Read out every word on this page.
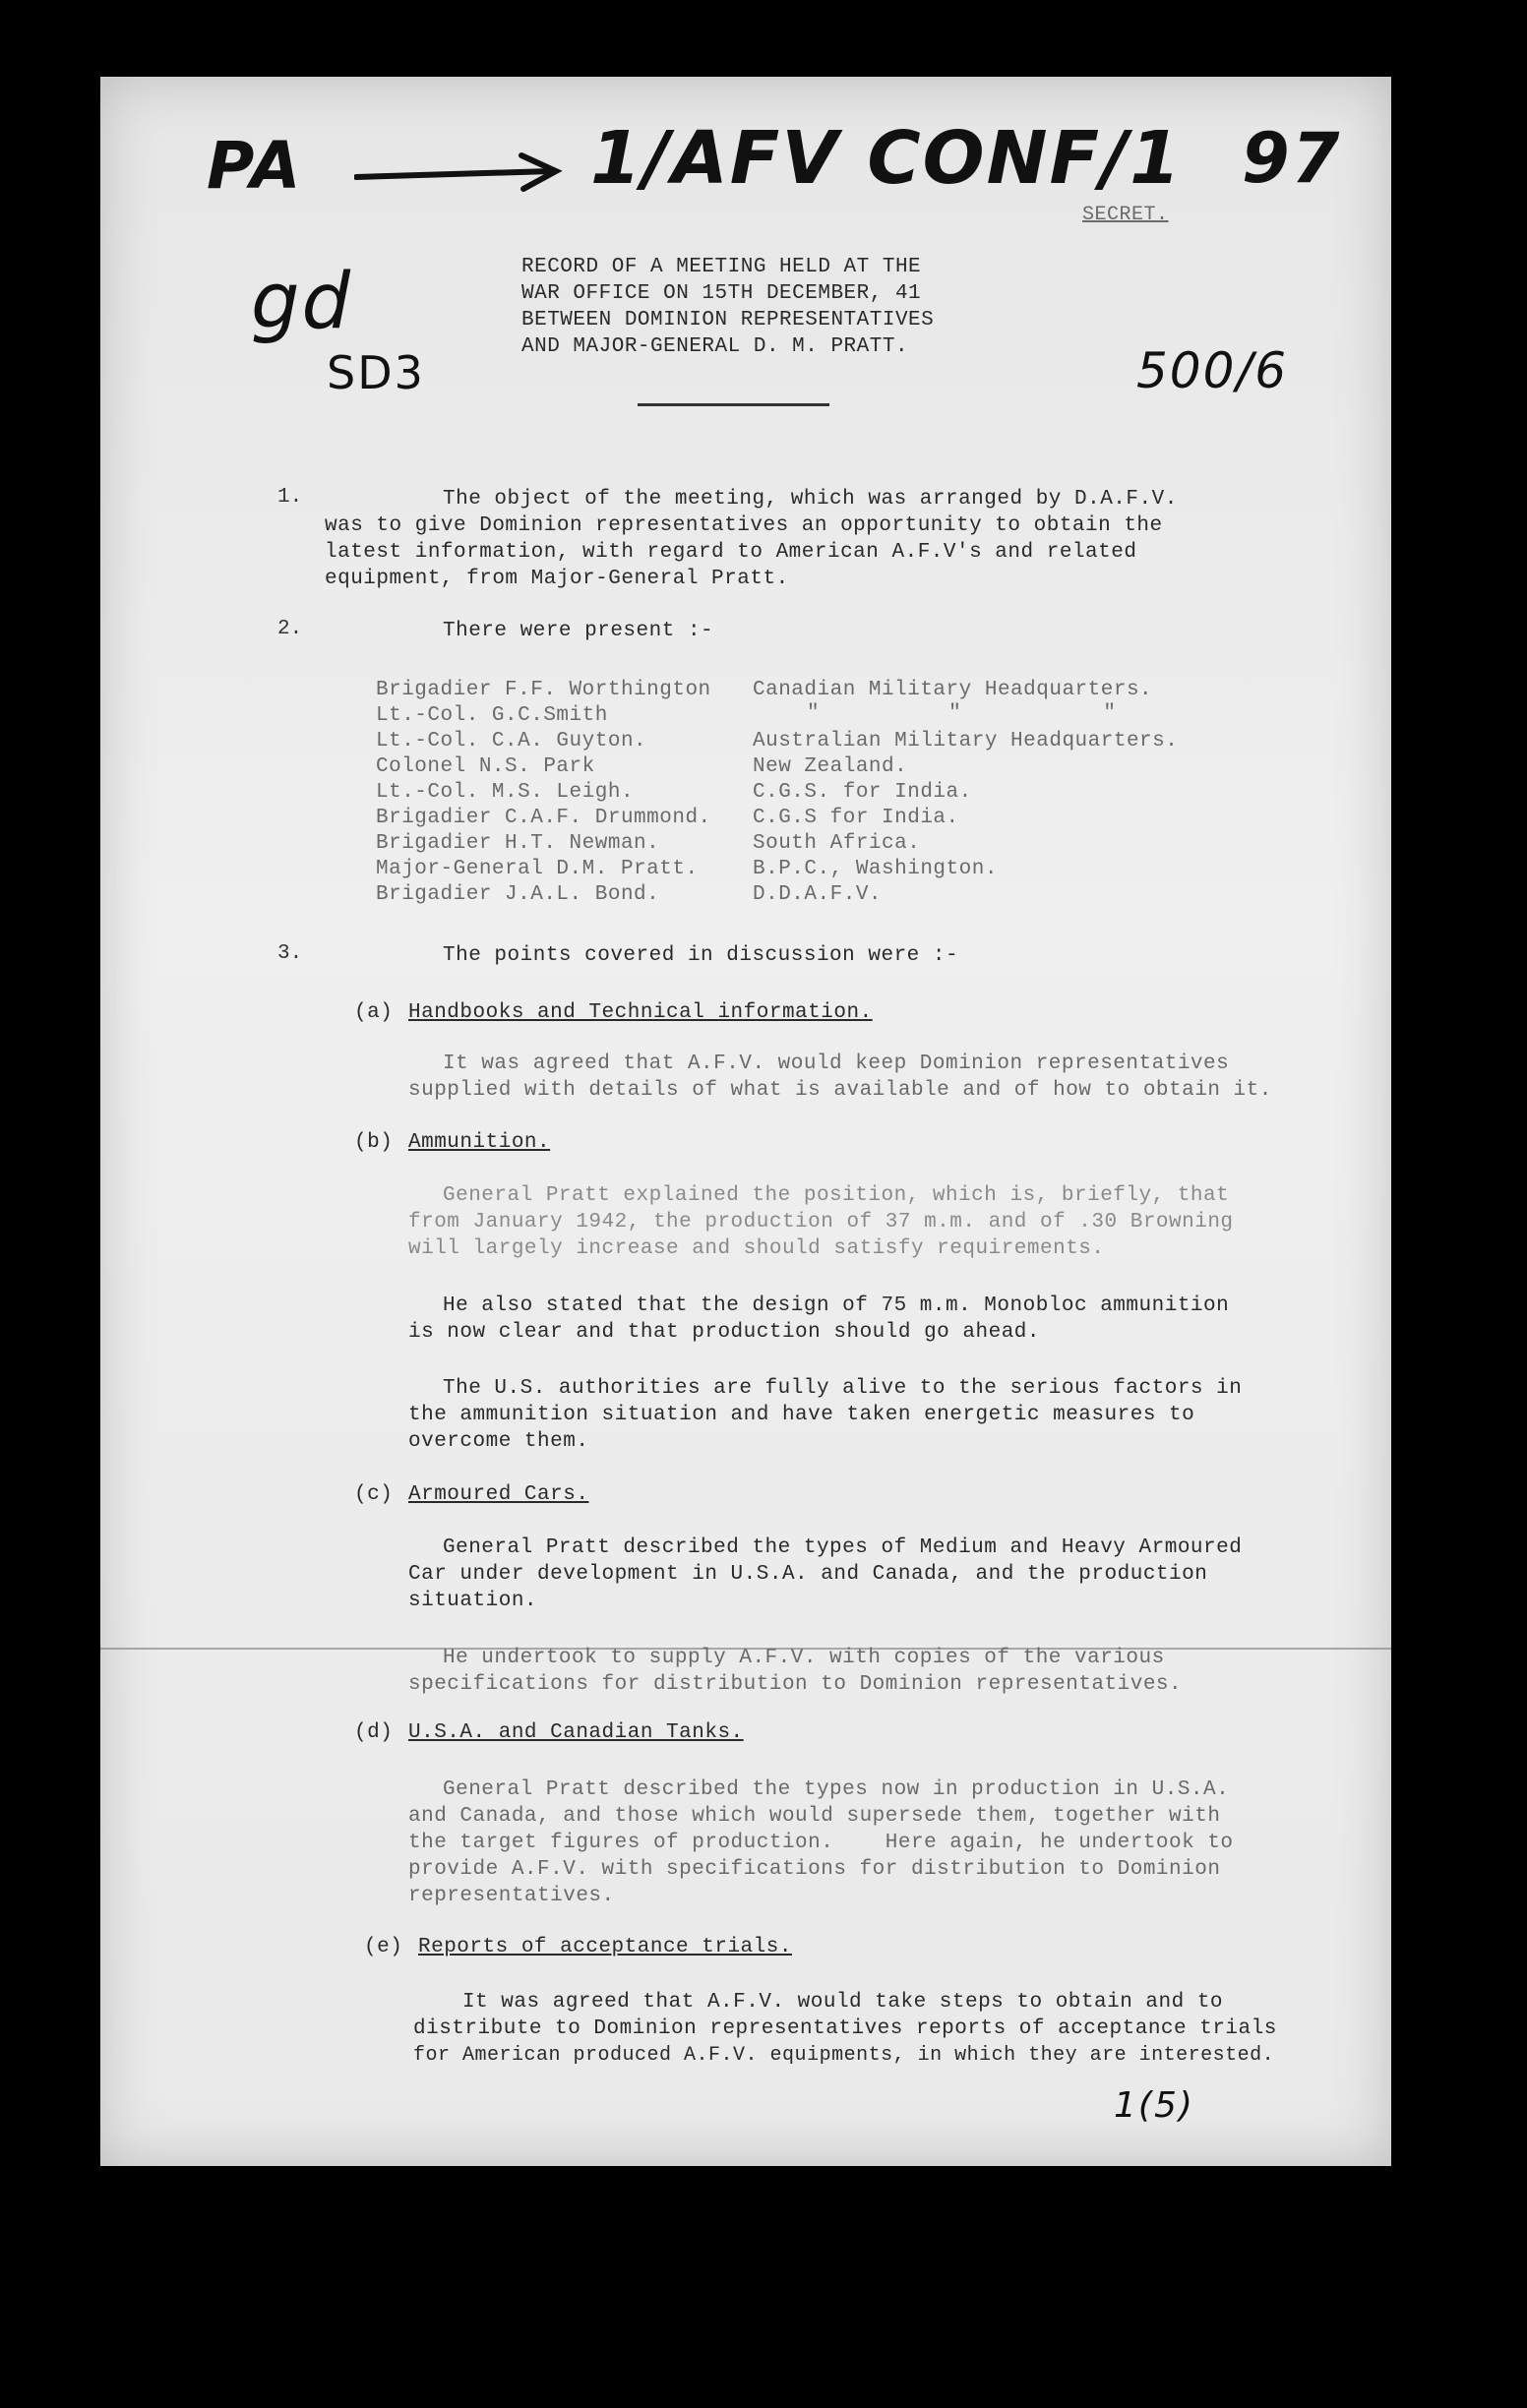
PA	1/AFV CONF/1 97
gd
SD3	500/6
1(5)
SECRET.
RECORD OF A MEETING HELD AT THE
WAR OFFICE ON 15TH DECEMBER, 41
BETWEEN DOMINION REPRESENTATIVES
AND MAJOR-GENERAL D. M. PRATT.
1.	The object of the meeting, which was arranged by D.A.F.V.
was to give Dominion representatives an opportunity to obtain the
latest information, with regard to American A.F.V's and related
equipment, from Major-General Pratt.
2.	There were present :-
Brigadier F.F. Worthington Canadian Military Headquarters.
Lt.-Col. G.C.Smith	"          "           "
Lt.-Col. C.A. Guyton.	Australian Military Headquarters.
Colonel N.S. Park	New Zealand.
Lt.-Col. M.S. Leigh.	C.G.S. for India.
Brigadier C.A.F. Drummond. C.G.S for India.
Brigadier H.T. Newman.	South Africa.
Major-General D.M. Pratt.	B.P.C., Washington.
Brigadier J.A.L. Bond.	D.D.A.F.V.
3.	The points covered in discussion were :-
(a) Handbooks and Technical information.
It was agreed that A.F.V. would keep Dominion representatives
supplied with details of what is available and of how to obtain it.
(b) Ammunition.
General Pratt explained the position, which is, briefly, that
from January 1942, the production of 37 m.m. and of .30 Browning
will largely increase and should satisfy requirements.
He also stated that the design of 75 m.m. Monobloc ammunition
is now clear and that production should go ahead.
The U.S. authorities are fully alive to the serious factors in
the ammunition situation and have taken energetic measures to
overcome them.
(c) Armoured Cars.
General Pratt described the types of Medium and Heavy Armoured
Car under development in U.S.A. and Canada, and the production
situation.
He undertook to supply A.F.V. with copies of the various
specifications for distribution to Dominion representatives.
(d) U.S.A. and Canadian Tanks.
General Pratt described the types now in production in U.S.A.
and Canada, and those which would supersede them, together with
the target figures of production.    Here again, he undertook to
provide A.F.V. with specifications for distribution to Dominion
representatives.
(e) Reports of acceptance trials.
It was agreed that A.F.V. would take steps to obtain and to
distribute to Dominion representatives reports of acceptance trials
for American produced A.F.V. equipments, in which they are interested.
